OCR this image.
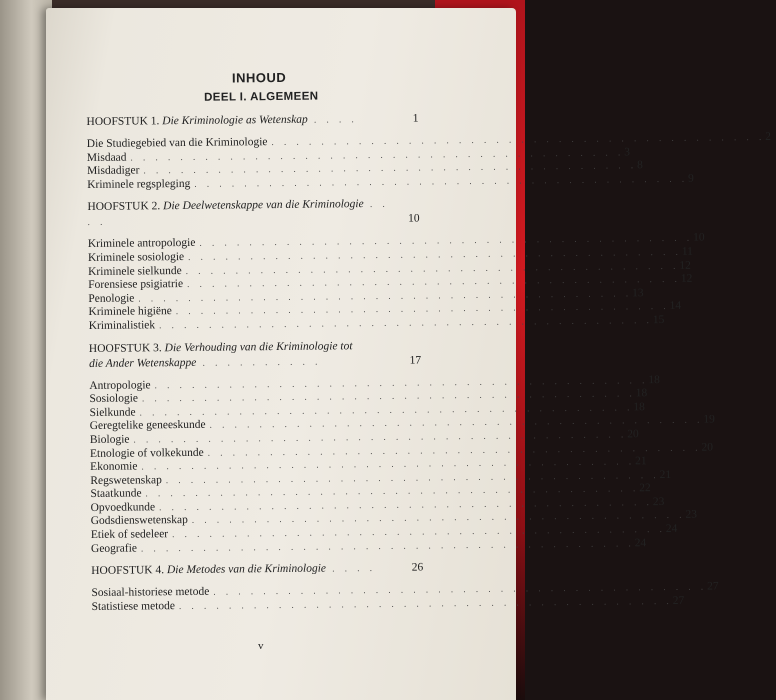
INHOUD
DEEL I. ALGEMEEN
HOOFSTUK 1. Die Kriminologie as Wetenskap . . . .	1
Die Studiegebied van die Kriminologie . . . . . . . . . . . . . . . . . . . . . . . . . . . . . . . . . . . . . . . . 2
Misdaad . . . . . . . . . . . . . . . . . . . . . . . . . . . . . . . . . . . . . . . . 3
Misdadiger . . . . . . . . . . . . . . . . . . . . . . . . . . . . . . . . . . . . . . . . 8
Kriminele regspleging . . . . . . . . . . . . . . . . . . . . . . . . . . . . . . . . . . . . . . . . 9
HOOFSTUK 2. Die Deelwetenskappe van die Kriminologie . . . .	10
Kriminele antropologie . . . . . . . . . . . . . . . . . . . . . . . . . . . . . . . . . . . . . . . . 10
Kriminele sosiologie . . . . . . . . . . . . . . . . . . . . . . . . . . . . . . . . . . . . . . . . 11
Kriminele sielkunde . . . . . . . . . . . . . . . . . . . . . . . . . . . . . . . . . . . . . . . . 12
Forensiese psigiatrie . . . . . . . . . . . . . . . . . . . . . . . . . . . . . . . . . . . . . . . . 12
Penologie . . . . . . . . . . . . . . . . . . . . . . . . . . . . . . . . . . . . . . . . 13
Kriminele higiëne . . . . . . . . . . . . . . . . . . . . . . . . . . . . . . . . . . . . . . . . 14
Kriminalistiek . . . . . . . . . . . . . . . . . . . . . . . . . . . . . . . . . . . . . . . . 15
HOOFSTUK 3. Die Verhouding van die Kriminologie tot
die Ander Wetenskappe . . . . . . . . . .	17
Antropologie . . . . . . . . . . . . . . . . . . . . . . . . . . . . . . . . . . . . . . . . 18
Sosiologie . . . . . . . . . . . . . . . . . . . . . . . . . . . . . . . . . . . . . . . . 18
Sielkunde . . . . . . . . . . . . . . . . . . . . . . . . . . . . . . . . . . . . . . . . 18
Geregtelike geneeskunde . . . . . . . . . . . . . . . . . . . . . . . . . . . . . . . . . . . . . . . . 19
Biologie . . . . . . . . . . . . . . . . . . . . . . . . . . . . . . . . . . . . . . . . 20
Etnologie of volkekunde . . . . . . . . . . . . . . . . . . . . . . . . . . . . . . . . . . . . . . . . 20
Ekonomie . . . . . . . . . . . . . . . . . . . . . . . . . . . . . . . . . . . . . . . . 21
Regswetenskap . . . . . . . . . . . . . . . . . . . . . . . . . . . . . . . . . . . . . . . . 21
Staatkunde . . . . . . . . . . . . . . . . . . . . . . . . . . . . . . . . . . . . . . . . 22
Opvoedkunde . . . . . . . . . . . . . . . . . . . . . . . . . . . . . . . . . . . . . . . . 23
Godsdienswetenskap . . . . . . . . . . . . . . . . . . . . . . . . . . . . . . . . . . . . . . . . 23
Etiek of sedeleer . . . . . . . . . . . . . . . . . . . . . . . . . . . . . . . . . . . . . . . . 24
Geografie . . . . . . . . . . . . . . . . . . . . . . . . . . . . . . . . . . . . . . . . 24
HOOFSTUK 4. Die Metodes van die Kriminologie . . . .	26
Sosiaal-historiese metode . . . . . . . . . . . . . . . . . . . . . . . . . . . . . . . . . . . . . . . . 27
Statistiese metode . . . . . . . . . . . . . . . . . . . . . . . . . . . . . . . . . . . . . . . . 27
v
